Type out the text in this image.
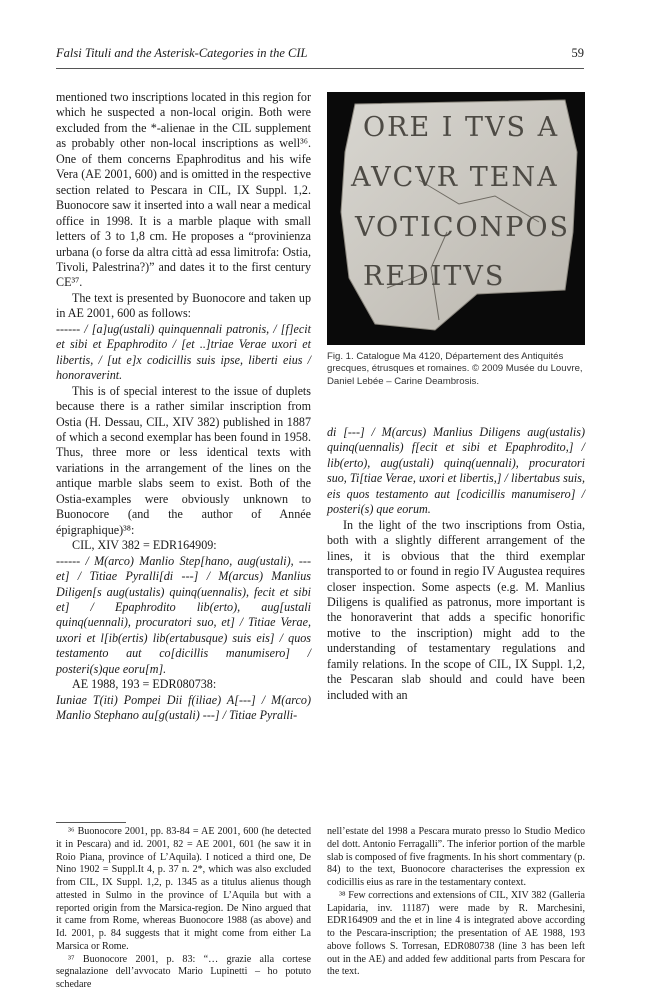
Falsi Tituli and the Asterisk-Categories in the CIL	59

mentioned two inscriptions located in this region for which he suspected a non-local origin. Both were excluded from the *-alienae in the CIL supplement as probably other non-local inscriptions as well³⁶. One of them concerns Epaphroditus and his wife Vera (AE 2001, 600) and is omitted in the respective section related to Pescara in CIL, IX Suppl. 1,2. Buonocore saw it inserted into a wall near a medical office in 1998. It is a marble plaque with small letters of 3 to 1,8 cm. He proposes a “provinienza urbana (o forse da altra città ad essa limitrofa: Ostia, Tivoli, Palestrina?)” and dates it to the first century CE³⁷.

The text is presented by Buonocore and taken up in AE 2001, 600 as follows:

------ / [a]ug(ustali) quinquennali patronis, / [f]ecit et sibi et Epaphrodito / [et ..]triae Verae uxori et libertis, / [ut e]x codicillis suis ipse, liberti eius / honoraverint.

This is of special interest to the issue of duplets because there is a rather similar inscription from Ostia (H. Dessau, CIL, XIV 382) published in 1887 of which a second exemplar has been found in 1958. Thus, three more or less identical texts with variations in the arrangement of the lines on the antique marble slabs seem to exist. Both of the Ostia-examples were obviously unknown to Buonocore (and the author of Année épigraphique)³⁸:

CIL, XIV 382 = EDR164909:

------ / M(arco) Manlio Step[hano, aug(ustali), --- et] / Titiae Pyralli[di ---] / M(arcus) Manlius Diligen[s aug(ustalis) quinq(uennalis), fecit et sibi et] / Epaphrodito lib(erto), aug[ustali quinq(uennali), procuratori suo, et] / Titiae Verae, uxori et l[ib(ertis) lib(ertabusque) suis eis] / quos testamento aut co[dicillis manumisero] / posteri(s)que eoru[m].

AE 1988, 193 = EDR080738:

Iuniae T(iti) Pompei Dii f(iliae) A[---] / M(arco) Manlio Stephano au[g(ustali) ---] / Titiae Pyralli-

ORE I TVS A
AVCVR TENA
VOTICONPOS
REDITVS
Fig. 1. Catalogue Ma 4120, Département des Antiquités grecques, étrusques et romaines. © 2009 Musée du Louvre, Daniel Lebée – Carine Deambrosis.

di [---] / M(arcus) Manlius Diligens aug(ustalis) quinq(uennalis) f[ecit et sibi et Epaphrodito,] / lib(erto), aug(ustali) quinq(uennali), procuratori suo, Ti[tiae Verae, uxori et libertis,] / libertabus suis, eis quos testamento aut [codicillis manumisero] / posteri(s) que eorum.

In the light of the two inscriptions from Ostia, both with a slightly different arrangement of the lines, it is obvious that the third exemplar transported to or found in regio IV Augustea requires closer inspection. Some aspects (e.g. M. Manlius Diligens is qualified as patronus, more important is the honoraverint that adds a specific honorific motive to the inscription) might add to the understanding of testamentary regulations and family relations. In the scope of CIL, IX Suppl. 1,2, the Pescaran slab should and could have been included with an

³⁶ Buonocore 2001, pp. 83-84 = AE 2001, 600 (he detected it in Pescara) and id. 2001, 82 = AE 2001, 601 (he saw it in Roio Piana, province of L’Aquila). I noticed a third one, De Nino 1902 = Suppl.It 4, p. 37 n. 2*, which was also excluded from CIL, IX Suppl. 1,2, p. 1345 as a titulus alienus though attested in Sulmo in the province of L’Aquila but with a reported origin from the Marsica-region. De Nino argued that it came from Rome, whereas Buonocore 1988 (as above) and Id. 2001, p. 84 suggests that it might come from either La Marsica or Rome.

³⁷ Buonocore 2001, p. 83: “… grazie alla cortese segnalazione dell’avvocato Mario Lupinetti – ho potuto schedare

nell’estate del 1998 a Pescara murato presso lo Studio Medico del dott. Antonio Ferragalli”. The inferior portion of the marble slab is composed of five fragments. In his short commentary (p. 84) to the text, Buonocore characterises the expression ex codicillis eius as rare in the testamentary context.

³⁸ Few corrections and extensions of CIL, XIV 382 (Galleria Lapidaria, inv. 11187) were made by R. Marchesini, EDR164909 and the et in line 4 is integrated above according to the Pescara-inscription; the presentation of AE 1988, 193 above follows S. Torresan, EDR080738 (line 3 has been left out in the AE) and added few additional parts from Pescara for the text.
